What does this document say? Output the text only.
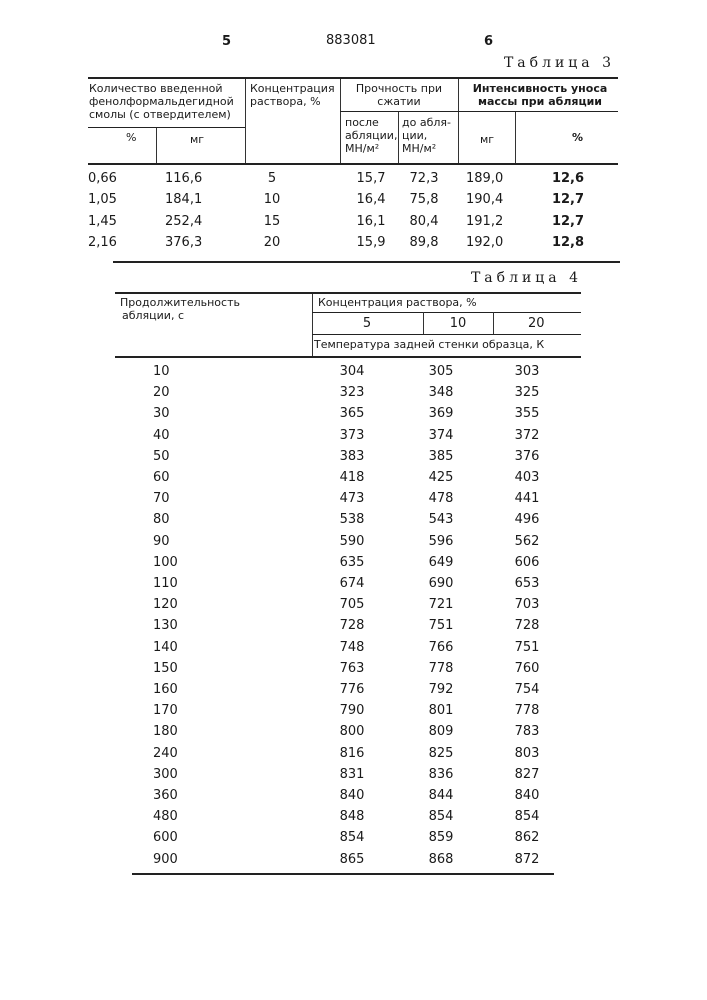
5	883081	6
Таблица 3
Количество введенной
фенолформальдегидной
смолы (с отвердителем)
%	мг
Концентрация
раствора, %
Прочность при
сжатии
после
абляции,
МН/м²
до абля-
ции,
МН/м²
Интенсивность уноса
массы при абляции
мг	%
0,66	116,6	5	15,7 72,3 189,0	12,6
1,05	184,1	10	16,4 75,8 190,4	12,7
1,45	252,4	15	16,1 80,4 191,2	12,7
2,16	376,3	20	15,9 89,8 192,0	12,8
Таблица 4
Продолжительность
абляции, с
Концентрация раствора, %
5	10	20
Температура задней стенки образца, К
10	304	305	303
20	323	348	325
30	365	369	355
40	373	374	372
50	383	385	376
60	418	425	403
70	473	478	441
80	538	543	496
90	590	596	562
100	635	649	606
110	674	690	653
120	705	721	703
130	728	751	728
140	748	766	751
150	763	778	760
160	776	792	754
170	790	801	778
180	800	809	783
240	816	825	803
300	831	836	827
360	840	844	840
480	848	854	854
600	854	859	862
900	865	868	872
